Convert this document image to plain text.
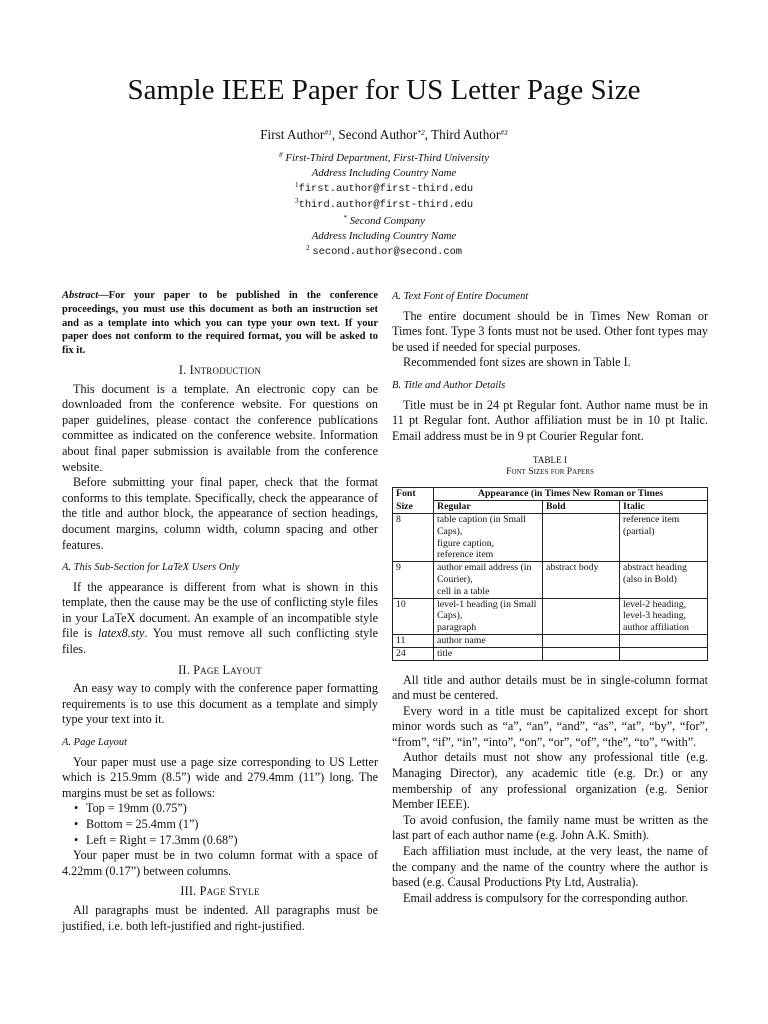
Sample IEEE Paper for US Letter Page Size
First Author$^{\#1}$, Second Author$^{*2}$, Third Author$^{\#3}$
# First-Third Department, First-Third University
Address Including Country Name
$^1$first.author@first-third.edu
$^3$third.author@first-third.edu
* Second Company
Address Including Country Name
$^2$ second.author@second.com
Abstract—For your paper to be published in the conference proceedings, you must use this document as both an instruction set and as a template into which you can type your own text. If your paper does not conform to the required format, you will be asked to fix it.
I. Introduction

This document is a template. An electronic copy can be downloaded from the conference website. For questions on paper guidelines, please contact the conference publications committee as indicated on the conference website. Information about final paper submission is available from the conference website.

Before submitting your final paper, check that the format conforms to this template. Specifically, check the appearance of the title and author block, the appearance of section headings, document margins, column width, column spacing and other features.

A. This Sub-Section for LaTeX Users Only

If the appearance is different from what is shown in this template, then the cause may be the use of conflicting style files in your LaTeX document. An example of an incompatible style file is latex8.sty. You must remove all such conflicting style files.

II. Page Layout

An easy way to comply with the conference paper formatting requirements is to use this document as a template and simply type your text into it.

A. Page Layout

Your paper must use a page size corresponding to US Letter which is 215.9mm (8.5”) wide and 279.4mm (11”) long. The margins must be set as follows:

• Top = 19mm (0.75”)
• Bottom = 25.4mm (1”)
• Left = Right = 17.3mm (0.68”)

Your paper must be in two column format with a space of 4.22mm (0.17”) between columns.

III. Page Style

All paragraphs must be indented. All paragraphs must be justified, i.e. both left-justified and right-justified.

A. Text Font of Entire Document

The entire document should be in Times New Roman or Times font. Type 3 fonts must not be used. Other font types may be used if needed for special purposes.

Recommended font sizes are shown in Table I.

B. Title and Author Details

Title must be in 24 pt Regular font. Author name must be in 11 pt Regular font. Author affiliation must be in 10 pt Italic. Email address must be in 9 pt Courier Regular font.

TABLE I
Font Sizes for Papers
Font	Appearance (in Times New Roman or Times		
Size	Regular	Bold	Italic
8	table caption (in Small Caps),
figure caption,
reference item		reference item (partial)
9	author email address (in Courier),
cell in a table	abstract body	abstract heading (also in Bold)
10	level-1 heading (in Small Caps),
paragraph		level-2 heading,
level-3 heading,
author affiliation
11	author name		
24	title		

All title and author details must be in single-column format and must be centered.

Every word in a title must be capitalized except for short minor words such as “a”, “an”, “and”, “as”, “at”, “by”, “for”, “from”, “if”, “in”, “into”, “on”, “or”, “of”, “the”, “to”, “with”.

Author details must not show any professional title (e.g. Managing Director), any academic title (e.g. Dr.) or any membership of any professional organization (e.g. Senior Member IEEE).

To avoid confusion, the family name must be written as the last part of each author name (e.g. John A.K. Smith).

Each affiliation must include, at the very least, the name of the company and the name of the country where the author is based (e.g. Causal Productions Pty Ltd, Australia).

Email address is compulsory for the corresponding author.
